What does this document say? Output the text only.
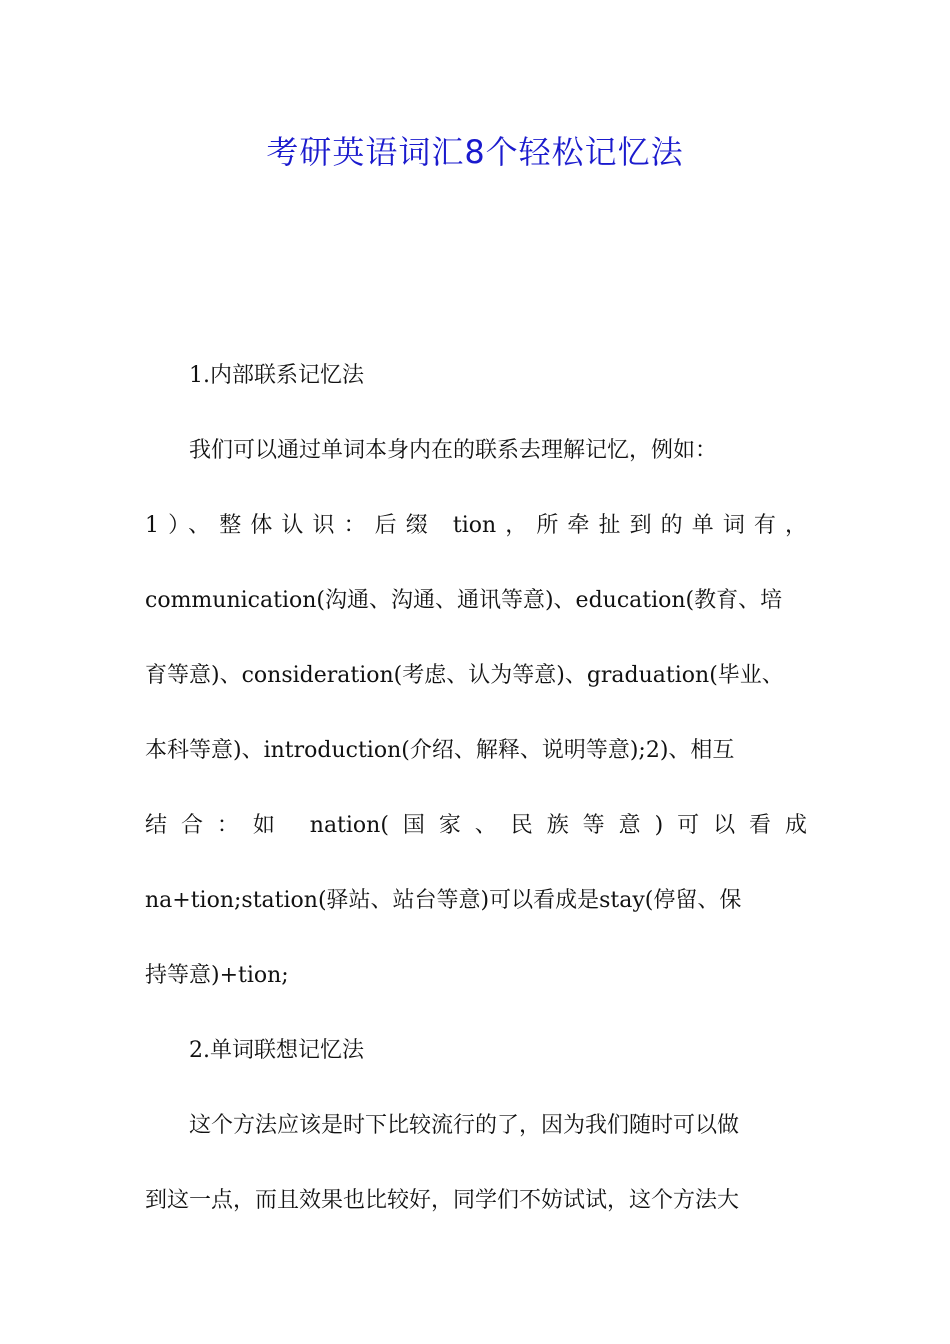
考研英语词汇8个轻松记忆法

1.内部联系记忆法

我们可以通过单词本身内在的联系去理解记忆，例如：

1）、整体认识：后缀 tion，所牵扯到的单词有，
communication(沟通、沟通、通讯等意)、education(教育、培
育等意)、consideration(考虑、认为等意)、graduation(毕业、
本科等意)、introduction(介绍、解释、说明等意);2)、相互
结合：如 nation(国家、民族等意)可以看成
na+tion;station(驿站、站台等意)可以看成是stay(停留、保
持等意)+tion;

2.单词联想记忆法

这个方法应该是时下比较流行的了，因为我们随时可以做
到这一点，而且效果也比较好，同学们不妨试试，这个方法大
